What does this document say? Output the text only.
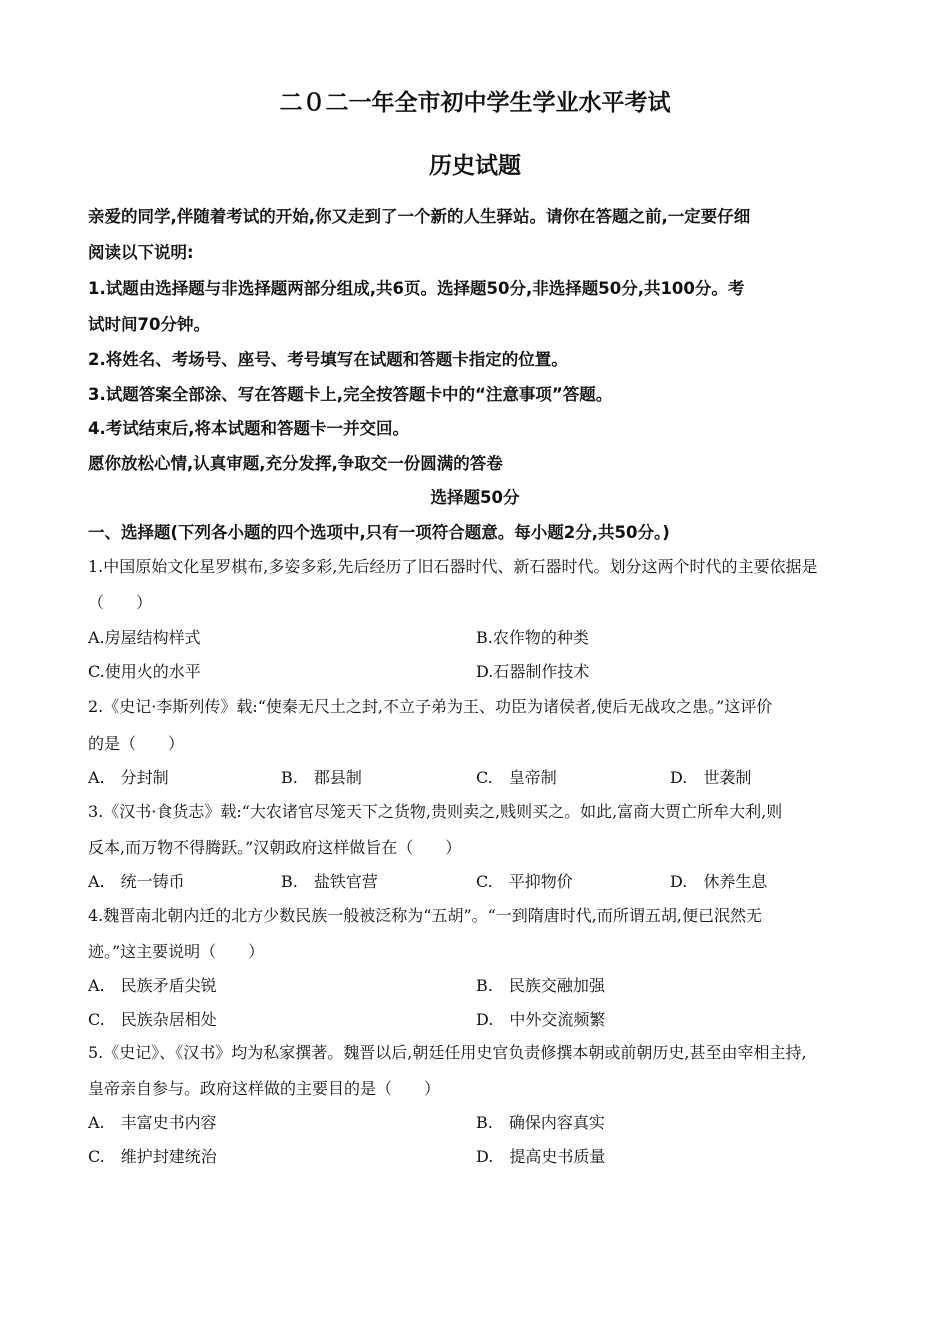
二０二一年全市初中学生学业水平考试
历史试题
亲爱的同学,伴随着考试的开始,你又走到了一个新的人生驿站。请你在答题之前,一定要仔细
阅读以下说明:
1.试题由选择题与非选择题两部分组成,共6页。选择题50分,非选择题50分,共100分。考
试时间70分钟。
2.将姓名、考场号、座号、考号填写在试题和答题卡指定的位置。
3.试题答案全部涂、写在答题卡上,完全按答题卡中的“注意事项”答题。
4.考试结束后,将本试题和答题卡一并交回。
愿你放松心情,认真审题,充分发挥,争取交一份圆满的答卷
选择题50分
一、选择题(下列各小题的四个选项中,只有一项符合题意。每小题2分,共50分。)
1.中国原始文化星罗棋布,多姿多彩,先后经历了旧石器时代、新石器时代。划分这两个时代的主要依据是
（　　）
A.房屋结构样式	B.农作物的种类
C.使用火的水平	D.石器制作技术
2.《史记·李斯列传》载:“使秦无尺土之封,不立子弟为王、功臣为诸侯者,使后无战攻之患。”这评价
的是（　　）
A.　分封制	B.　郡县制	C.　皇帝制	D.　世袭制
3.《汉书·食货志》载:“大农诸官尽笼天下之货物,贵则卖之,贱则买之。如此,富商大贾亡所牟大利,则
反本,而万物不得腾跃。”汉朝政府这样做旨在（　　）
A.　统一铸币	B.　盐铁官营	C.　平抑物价	D.　休养生息
4.魏晋南北朝内迁的北方少数民族一般被泛称为“五胡”。“一到隋唐时代,而所谓五胡,便已泯然无
迹。”这主要说明（　　）
A.　民族矛盾尖锐	B.　民族交融加强
C.　民族杂居相处	D.　中外交流频繁
5.《史记》、《汉书》均为私家撰著。魏晋以后,朝廷任用史官负责修撰本朝或前朝历史,甚至由宰相主持,
皇帝亲自参与。政府这样做的主要目的是（　　）
A.　丰富史书内容	B.　确保内容真实
C.　维护封建统治	D.　提高史书质量
